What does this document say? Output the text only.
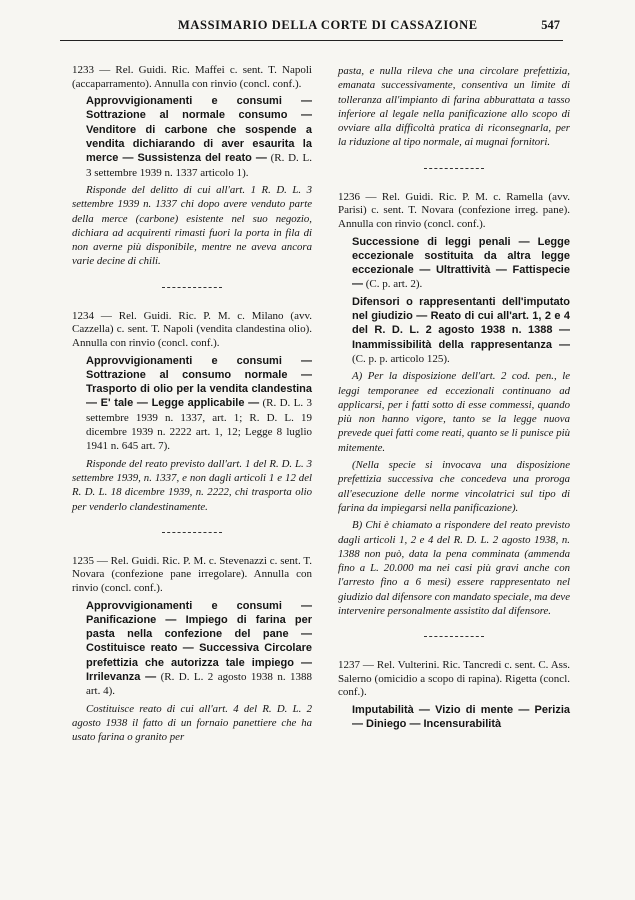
MASSIMARIO DELLA CORTE DI CASSAZIONE	547

1233 — Rel. Guidi. Ric. Maffei c. sent. T. Napoli (accaparramento). Annulla con rinvio (concl. conf.).

Approvvigionamenti e consumi — Sottrazione al normale consumo — Venditore di carbone che sospende a vendita dichiarando di aver esaurita la merce — Sussistenza del reato — (R. D. L. 3 settembre 1939 n. 1337 articolo 1).

Risponde del delitto di cui all'art. 1 R. D. L. 3 settembre 1939 n. 1337 chi dopo avere venduto parte della merce (carbone) esistente nel suo negozio, dichiara ad acquirenti rimasti fuori la porta in fila di non averne più disponibile, mentre ne aveva ancora varie decine di chili.

1234 — Rel. Guidi. Ric. P. M. c. Milano (avv. Cazzella) c. sent. T. Napoli (vendita clandestina olio). Annulla con rinvio (concl. conf.).

Approvvigionamenti e consumi — Sottrazione al consumo normale — Trasporto di olio per la vendita clandestina — E' tale — Legge applicabile — (R. D. L. 3 settembre 1939 n. 1337, art. 1; R. D. L. 19 dicembre 1939 n. 2222 art. 1, 12; Legge 8 luglio 1941 n. 645 art. 7).

Risponde del reato previsto dall'art. 1 del R. D. L. 3 settembre 1939, n. 1337, e non dagli articoli 1 e 12 del R. D. L. 18 dicembre 1939, n. 2222, chi trasporta olio per venderlo clandestinamente.

1235 — Rel. Guidi. Ric. P. M. c. Stevenazzi c. sent. T. Novara (confezione pane irregolare). Annulla con rinvio (concl. conf.).

Approvvigionamenti e consumi — Panificazione — Impiego di farina per pasta nella confezione del pane — Costituisce reato — Successiva Circolare prefettizia che autorizza tale impiego — Irrilevanza — (R. D. L. 2 agosto 1938 n. 1388 art. 4).

Costituisce reato di cui all'art. 4 del R. D. L. 2 agosto 1938 il fatto di un fornaio panettiere che ha usato farina o granito per

pasta, e nulla rileva che una circolare prefettizia, emanata successivamente, consentiva un limite di tolleranza all'impianto di farina abburattata a tasso inferiore al legale nella panificazione allo scopo di ovviare alla difficoltà pratica di riconsegnarla, per la riduzione al tipo normale, ai mugnai fornitori.

1236 — Rel. Guidi. Ric. P. M. c. Ramella (avv. Parisi) c. sent. T. Novara (confezione irreg. pane). Annulla con rinvio (concl. conf.).

Successione di leggi penali — Legge eccezionale sostituita da altra legge eccezionale — Ultrattività — Fattispecie — (C. p. art. 2).

Difensori o rappresentanti dell'imputato nel giudizio — Reato di cui all'art. 1, 2 e 4 del R. D. L. 2 agosto 1938 n. 1388 — Inammissibilità della rappresentanza — (C. p. p. articolo 125).

A) Per la disposizione dell'art. 2 cod. pen., le leggi temporanee ed eccezionali continuano ad applicarsi, per i fatti sotto di esse commessi, quando più non hanno vigore, tanto se la legge nuova prevede quei fatti come reati, quanto se li punisce più mitemente.

(Nella specie si invocava una disposizione prefettizia successiva che concedeva una proroga all'esecuzione delle norme vincolatrici sul tipo di farina da impiegarsi nella panificazione).

B) Chi è chiamato a rispondere del reato previsto dagli articoli 1, 2 e 4 del R. D. L. 2 agosto 1938, n. 1388 non può, data la pena comminata (ammenda fino a L. 20.000 ma nei casi più gravi anche con l'arresto fino a 6 mesi) essere rappresentato nel giudizio dal difensore con mandato speciale, ma deve intervenire personalmente assistito dal difensore.

1237 — Rel. Vulterini. Ric. Tancredi c. sent. C. Ass. Salerno (omicidio a scopo di rapina). Rigetta (concl. conf.).

Imputabilità — Vizio di mente — Perizia — Diniego — Incensurabilità
